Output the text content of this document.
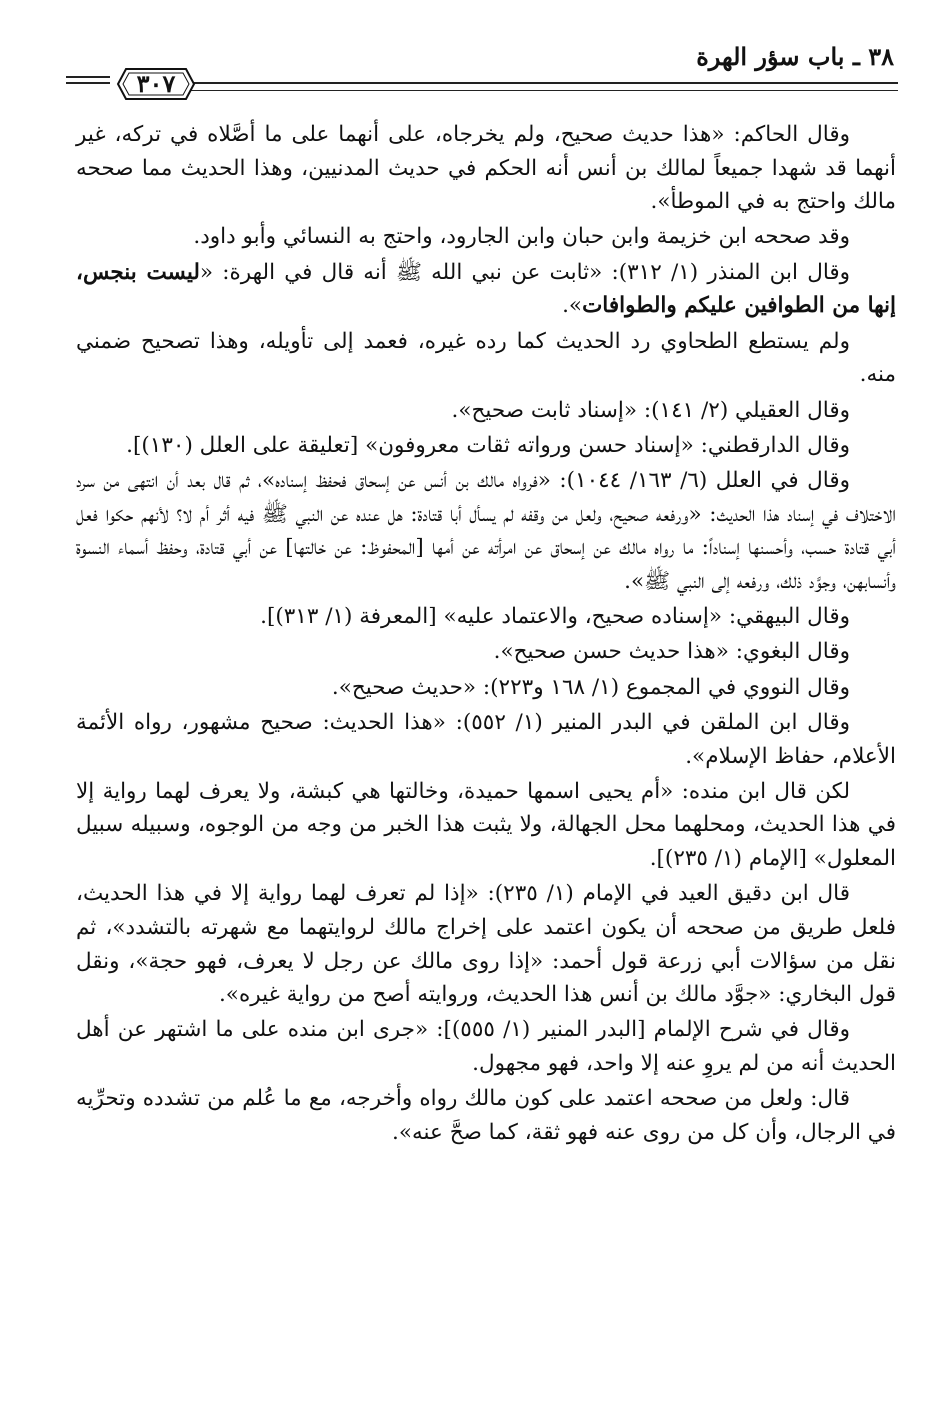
٣٨ ـ باب سؤر الهرة
٣٠٧

وقال الحاكم: «هذا حديث صحيح، ولم يخرجاه، على أنهما على ما أصَّلاه في تركه، غير أنهما قد شهدا جميعاً لمالك بن أنس أنه الحكم في حديث المدنيين، وهذا الحديث مما صححه مالك واحتج به في الموطأ».

وقد صححه ابن خزيمة وابن حبان وابن الجارود، واحتج به النسائي وأبو داود.

وقال ابن المنذر (١/ ٣١٢): «ثابت عن نبي الله ﷺ أنه قال في الهرة: «ليست بنجس، إنها من الطوافين عليكم والطوافات».

ولم يستطع الطحاوي رد الحديث كما رده غيره، فعمد إلى تأويله، وهذا تصحيح ضمني منه.

وقال العقيلي (٢/ ١٤١): «إسناد ثابت صحيح».

وقال الدارقطني: «إسناد حسن ورواته ثقات معروفون» [تعليقة على العلل (١٣٠)].

وقال في العلل (٦/ ١٦٣/ ١٠٤٤): «فرواه مالك بن أنس عن إسحاق فحفظ إسناده»، ثم قال بعد أن انتهى من سرد الاختلاف في إسناد هذا الحديث: «ورفعه صحيح، ولعل من وقفه لم يسأل أبا قتادة: هل عنده عن النبي ﷺ فيه أثر أم لا؟ لأنهم حكوا فعل أبي قتادة حسب، وأحسنها إسناداً: ما رواه مالك عن إسحاق عن امرأته عن أمها [المحفوظ: عن خالتها] عن أبي قتادة، وحفظ أسماء النسوة وأنسابهن، وجوَّد ذلك، ورفعه إلى النبي ﷺ».

وقال البيهقي: «إسناده صحيح، والاعتماد عليه» [المعرفة (١/ ٣١٣)].

وقال البغوي: «هذا حديث حسن صحيح».

وقال النووي في المجموع (١/ ١٦٨ و٢٢٣): «حديث صحيح».

وقال ابن الملقن في البدر المنير (١/ ٥٥٢): «هذا الحديث: صحيح مشهور، رواه الأئمة الأعلام، حفاظ الإسلام».

لكن قال ابن منده: «أم يحيى اسمها حميدة، وخالتها هي كبشة، ولا يعرف لهما رواية إلا في هذا الحديث، ومحلهما محل الجهالة، ولا يثبت هذا الخبر من وجه من الوجوه، وسبيله سبيل المعلول» [الإمام (١/ ٢٣٥)].

قال ابن دقيق العيد في الإمام (١/ ٢٣٥): «إذا لم تعرف لهما رواية إلا في هذا الحديث، فلعل طريق من صححه أن يكون اعتمد على إخراج مالك لروايتهما مع شهرته بالتشدد»، ثم نقل من سؤالات أبي زرعة قول أحمد: «إذا روى مالك عن رجل لا يعرف، فهو حجة»، ونقل قول البخاري: «جوَّد مالك بن أنس هذا الحديث، وروايته أصح من رواية غيره».

وقال في شرح الإلمام [البدر المنير (١/ ٥٥٥)]: «جرى ابن منده على ما اشتهر عن أهل الحديث أنه من لم يروِ عنه إلا واحد، فهو مجهول.

قال: ولعل من صححه اعتمد على كون مالك رواه وأخرجه، مع ما عُلم من تشدده وتحرِّيه في الرجال، وأن كل من روى عنه فهو ثقة، كما صحَّ عنه».
